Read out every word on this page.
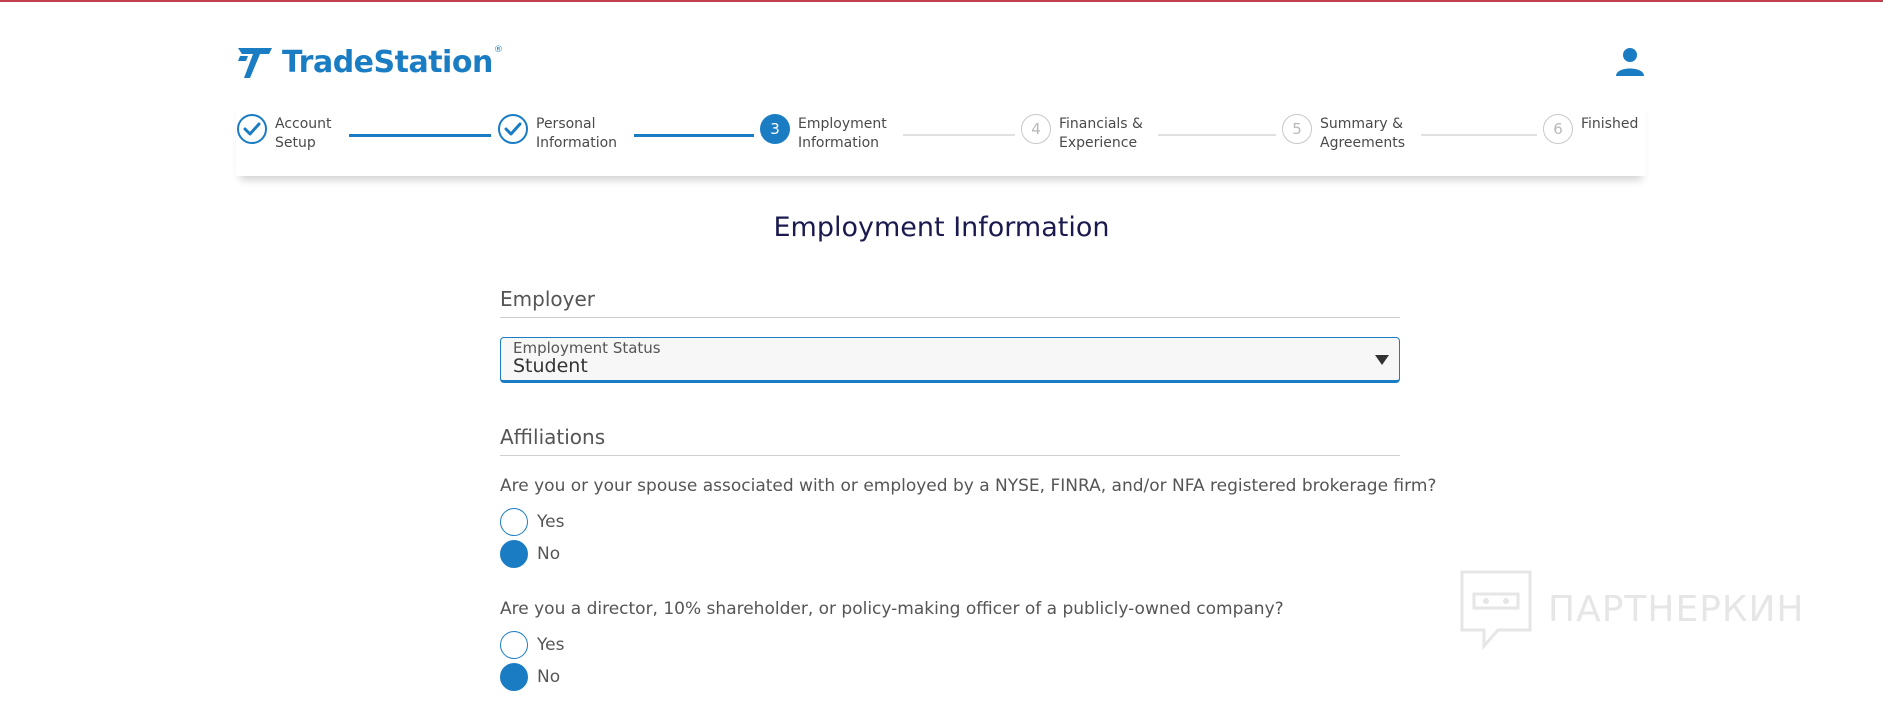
TradeStation ®
Account
Setup
Personal
Information
3	Employment
Information
4	Financials &
Experience
5	Summary &
Agreements
6	Finished
Employment Information
Employer
Employment Status
Student
Affiliations
Are you or your spouse associated with or employed by a NYSE, FINRA, and/or NFA registered brokerage firm?
Yes
No
Are you a director, 10% shareholder, or policy-making officer of a publicly-owned company?
Yes
No
ПАРТНЕРКИН
